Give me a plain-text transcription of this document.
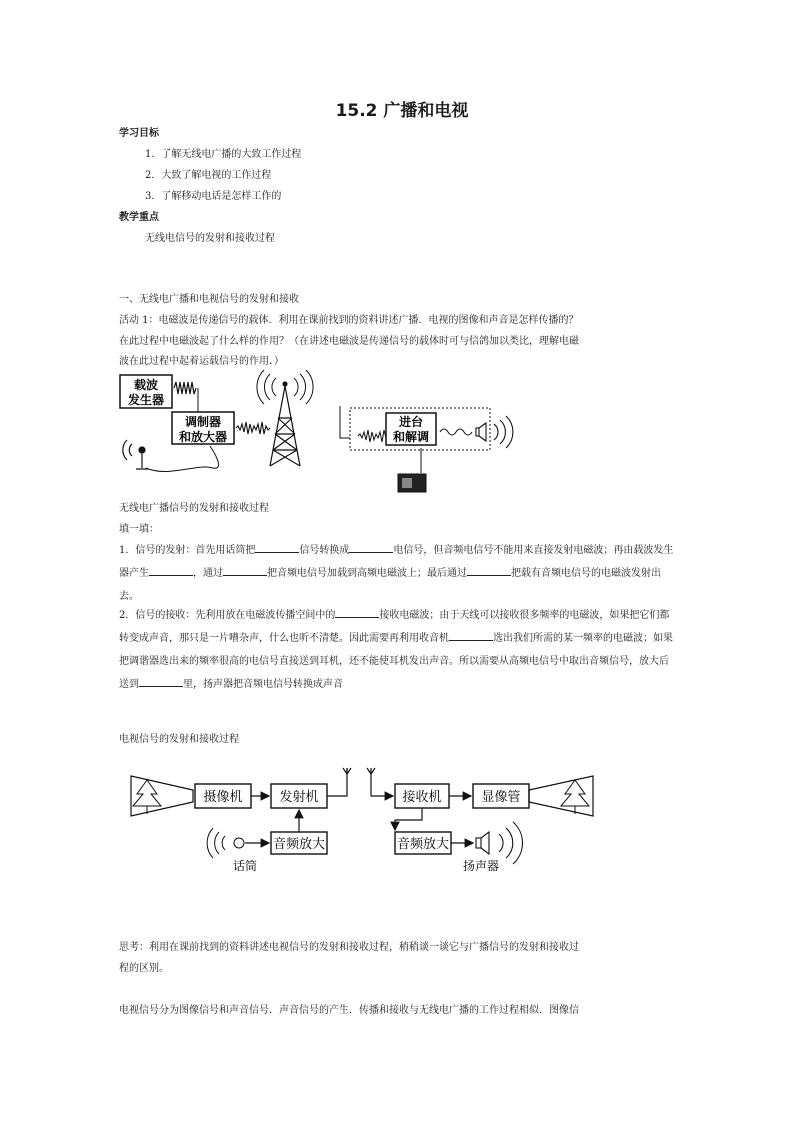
15.2 广播和电视
学习目标
1．了解无线电广播的大致工作过程
2．大致了解电视的工作过程
3．了解移动电话是怎样工作的
教学重点
无线电信号的发射和接收过程
一、无线电广播和电视信号的发射和接收
活动 1：电磁波是传递信号的载体．利用在课前找到的资料讲述广播．电视的图像和声音是怎样传播的？
在此过程中电磁波起了什么样的作用？（在讲述电磁波是传递信号的载体时可与信鸽加以类比，理解电磁
波在此过程中起着运载信号的作用．）
载波
发生器
调制器
和放大器
进台
和解调
无线电广播信号的发射和接收过程
填一填：
1．信号的发射：首先用话筒把	信号转换成	电信号，但音频电信号不能用来直接发射电磁波；再由载波发生器产生	，通过	把音频电信号加载到高频电磁波上；最后通过	把载有音频电信号的电磁波发射出去。
2．信号的接收：先利用放在电磁波传播空间中的	接收电磁波；由于天线可以接收很多频率的电磁波，如果把它们都转变成声音，那只是一片嘈杂声，什么也听不清楚。因此需要再利用收音机	选出我们所需的某一频率的电磁波；如果把调谐器选出来的频率很高的电信号直接送到耳机，还不能使耳机发出声音。所以需要从高频电信号中取出音频信号，放大后送到	里，扬声器把音频电信号转换成声音
电视信号的发射和接收过程
摄像机	发射机
音频放大
话筒
接收机	显像管
音频放大
扬声器
思考：利用在课前找到的资料讲述电视信号的发射和接收过程，稍稍谈一谈它与广播信号的发射和接收过
程的区别。
电视信号分为图像信号和声音信号．声音信号的产生．传播和接收与无线电广播的工作过程相似．图像信
